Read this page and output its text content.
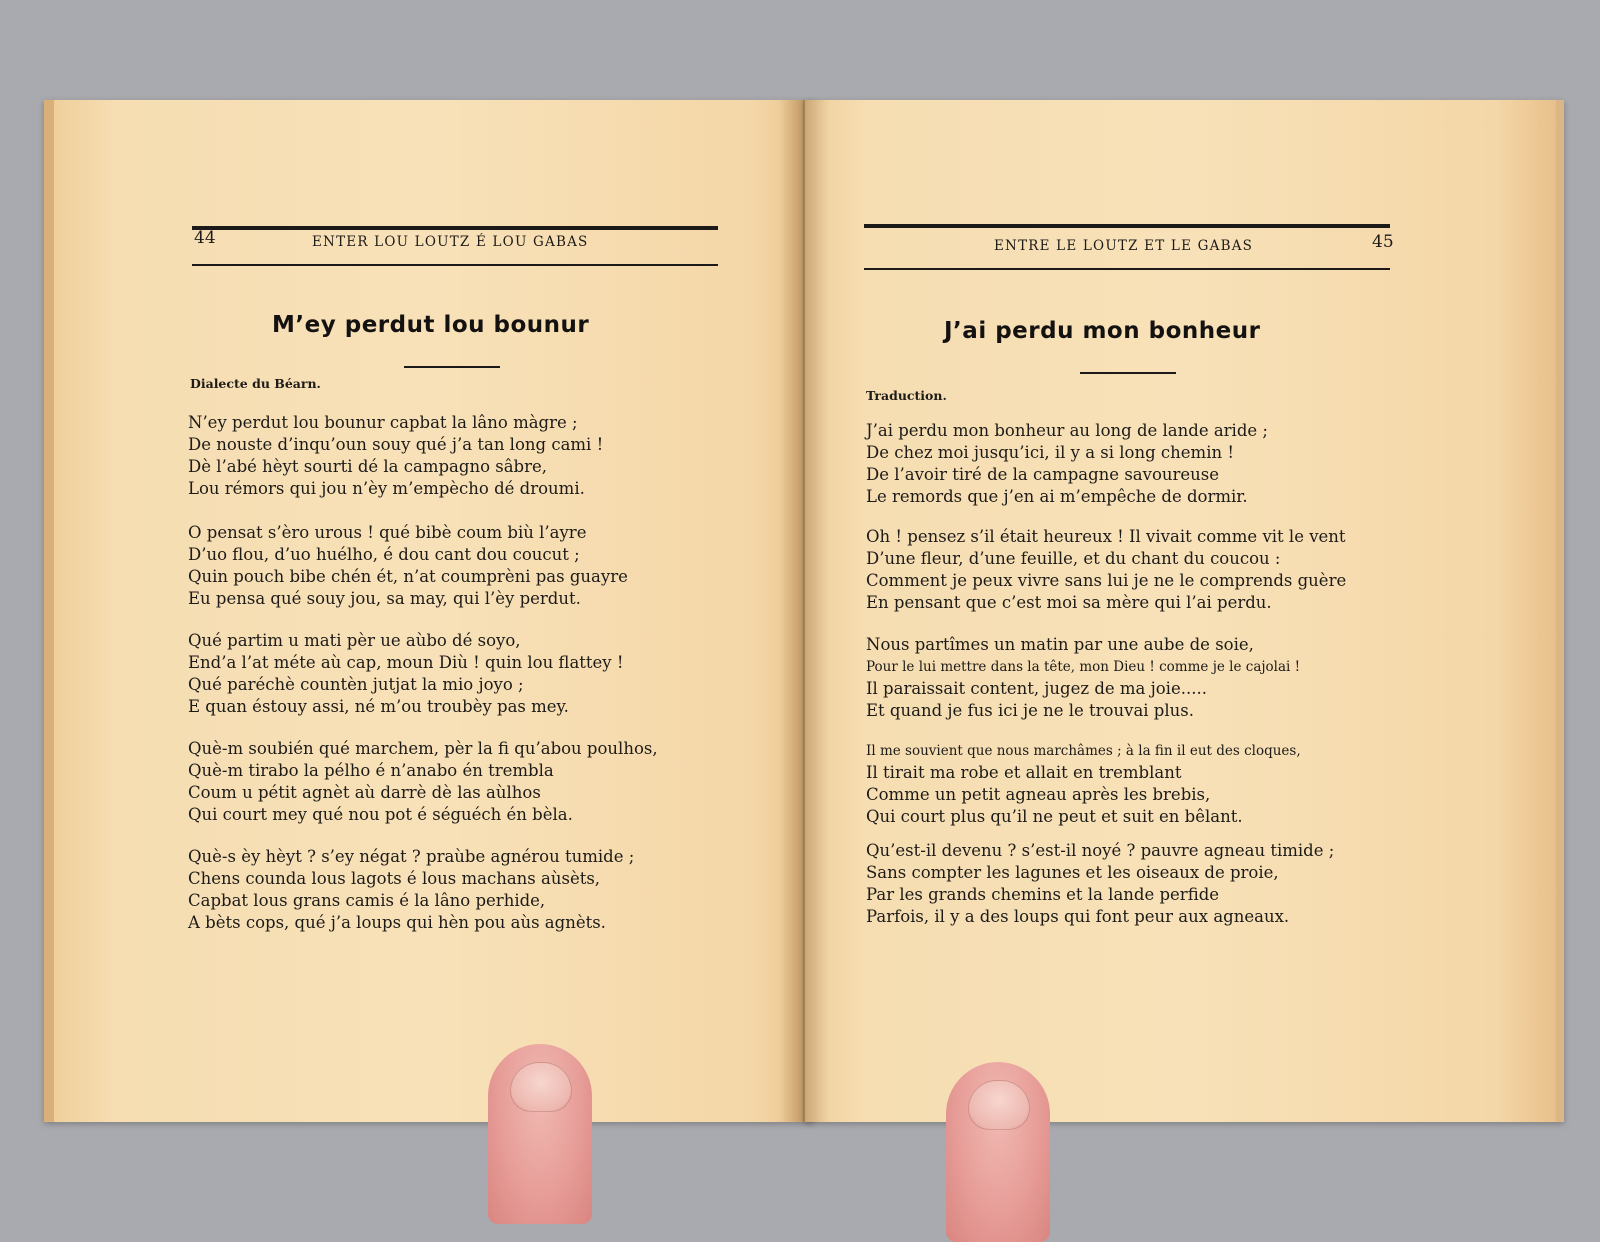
44	ENTER LOU LOUTZ É LOU GABAS
M’ey perdut lou bounur
Dialecte du Béarn.
N’ey perdut lou bounur capbat la lâno màgre ;
De nouste d’inqu’oun souy qué j’a tan long cami !
Dè l’abé hèyt sourti dé la campagno sâbre,
Lou rémors qui jou n’èy m’empècho dé droumi.
O pensat s’èro urous ! qué bibè coum biù l’ayre
D’uo flou, d’uo huélho, é dou cant dou coucut ;
Quin pouch bibe chén ét, n’at coumprèni pas guayre
Eu pensa qué souy jou, sa may, qui l’èy perdut.
Qué partim u mati pèr ue aùbo dé soyo,
End’a l’at méte aù cap, moun Diù ! quin lou flattey !
Qué paréchè countèn jutjat la mio joyo ;
E quan éstouy assi, né m’ou troubèy pas mey.
Què-m soubién qué marchem, pèr la fi qu’abou poulhos,
Què-m tirabo la pélho é n’anabo én trembla
Coum u pétit agnèt aù darrè dè las aùlhos
Qui court mey qué nou pot é séguéch én bèla.
Què-s èy hèyt ? s’ey négat ? praùbe agnérou tumide ;
Chens counda lous lagots é lous machans aùsèts,
Capbat lous grans camis é la lâno perhide,
A bèts cops, qué j’a loups qui hèn pou aùs agnèts.
ENTRE LE LOUTZ ET LE GABAS	45
J’ai perdu mon bonheur
Traduction.
J’ai perdu mon bonheur au long de lande aride ;
De chez moi jusqu’ici, il y a si long chemin !
De l’avoir tiré de la campagne savoureuse
Le remords que j’en ai m’empêche de dormir.
Oh ! pensez s’il était heureux ! Il vivait comme vit le vent
D’une fleur, d’une feuille, et du chant du coucou :
Comment je peux vivre sans lui je ne le comprends guère
En pensant que c’est moi sa mère qui l’ai perdu.
Nous partîmes un matin par une aube de soie,
Pour le lui mettre dans la tête, mon Dieu ! comme je le cajolai !
Il paraissait content, jugez de ma joie.....
Et quand je fus ici je ne le trouvai plus.
Il me souvient que nous marchâmes ; à la fin il eut des cloques,
Il tirait ma robe et allait en tremblant
Comme un petit agneau après les brebis,
Qui court plus qu’il ne peut et suit en bêlant.
Qu’est-il devenu ? s’est-il noyé ? pauvre agneau timide ;
Sans compter les lagunes et les oiseaux de proie,
Par les grands chemins et la lande perfide
Parfois, il y a des loups qui font peur aux agneaux.
